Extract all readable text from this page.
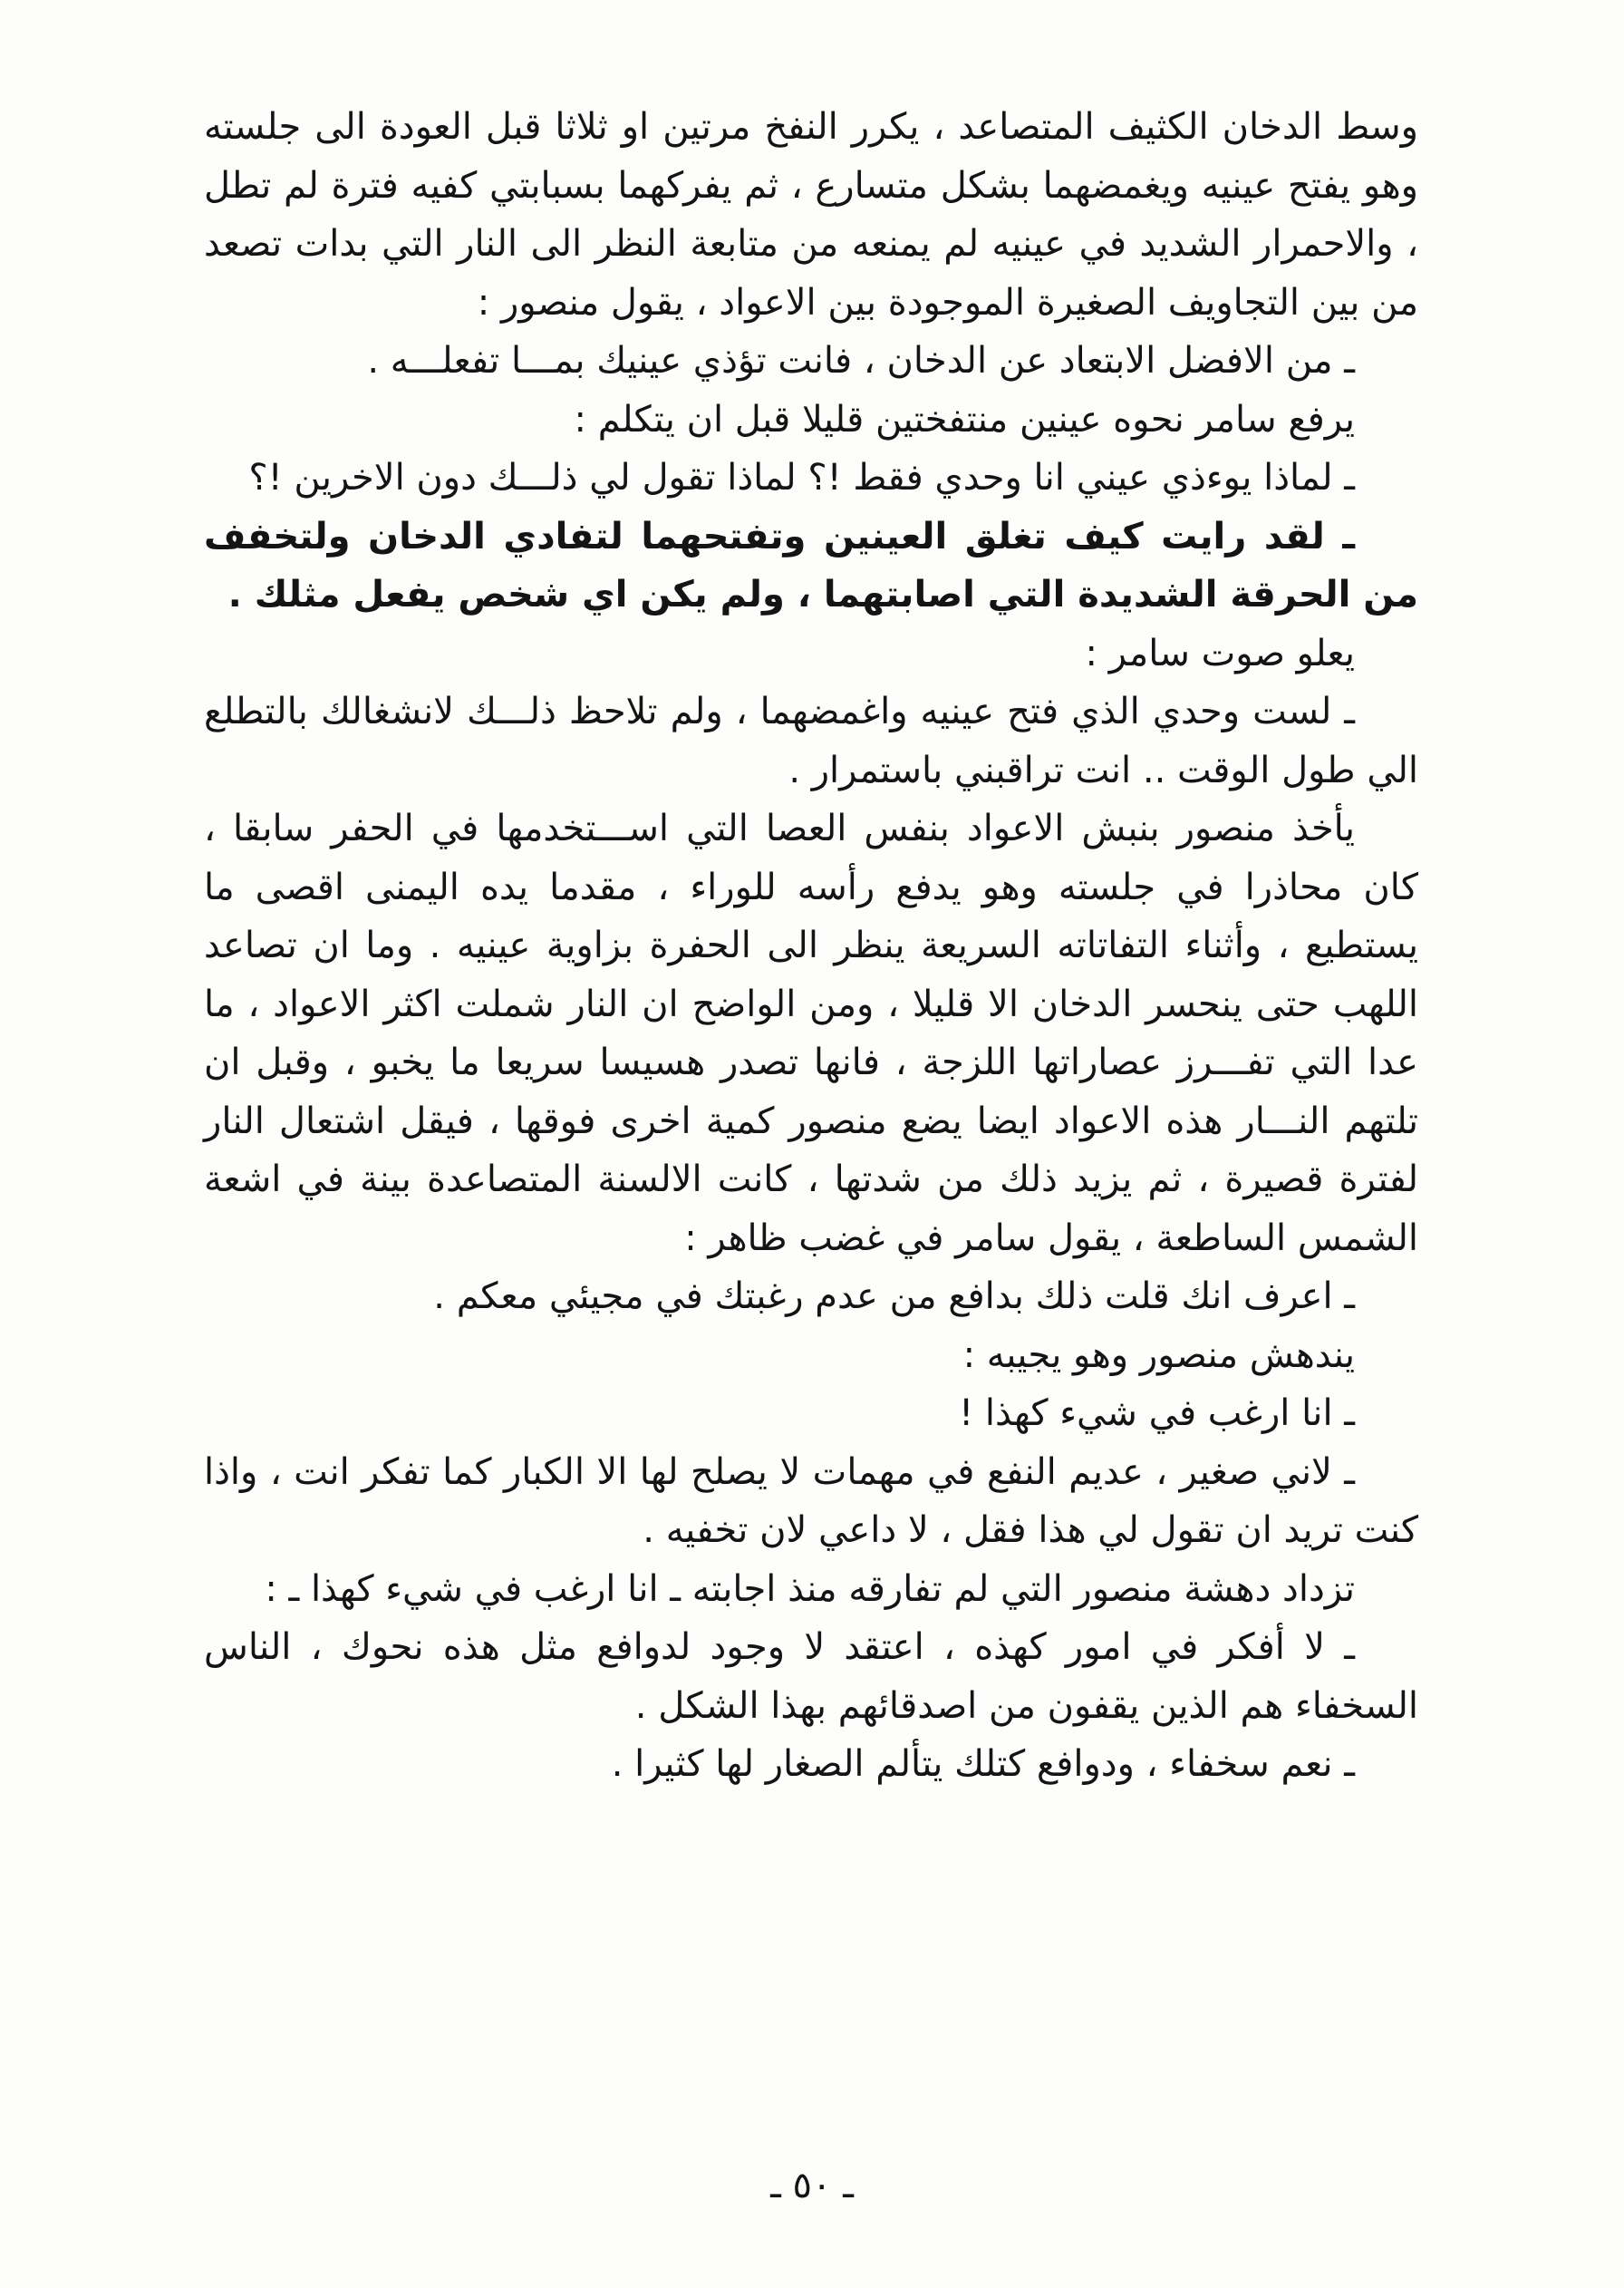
وسط الدخان الكثيف المتصاعد ، يكرر النفخ مرتين او ثلاثا قبل العودة الى جلسته وهو يفتح عينيه ويغمضهما بشكل متسارع ، ثم يفركهما بسبابتي كفيه فترة لم تطل ، والاحمرار الشديد في عينيه لم يمنعه من متابعة النظر الى النار التي بدات تصعد من بين التجاويف الصغيرة الموجودة بين الاعواد ، يقول منصور :

ـ من الافضل الابتعاد عن الدخان ، فانت تؤذي عينيك بمـــا تفعلـــه .

يرفع سامر نحوه عينين منتفختين قليلا قبل ان يتكلم :

ـ لماذا يوءذي عيني انا وحدي فقط !؟ لماذا تقول لي ذلـــك دون الاخرين !؟

ـ لقد رايت كيف تغلق العينين وتفتحهما لتفادي الدخان ولتخفف من الحرقة الشديدة التي اصابتهما ، ولم يكن اي شخص يفعل مثلك .

يعلو صوت سامر :

ـ لست وحدي الذي فتح عينيه واغمضهما ، ولم تلاحظ ذلـــك لانشغالك بالتطلع الي طول الوقت .. انت تراقبني باستمرار .

يأخذ منصور بنبش الاعواد بنفس العصا التي اســـتخدمها في الحفر سابقا ، كان محاذرا في جلسته وهو يدفع رأسه للوراء ، مقدما يده اليمنى اقصى ما يستطيع ، وأثناء التفاتاته السريعة ينظر الى الحفرة بزاوية عينيه . وما ان تصاعد اللهب حتى ينحسر الدخان الا قليلا ، ومن الواضح ان النار شملت اكثر الاعواد ، ما عدا التي تفـــرز عصاراتها اللزجة ، فانها تصدر هسيسا سريعا ما يخبو ، وقبل ان تلتهم النـــار هذه الاعواد ايضا يضع منصور كمية اخرى فوقها ، فيقل اشتعال النار لفترة قصيرة ، ثم يزيد ذلك من شدتها ، كانت الالسنة المتصاعدة بينة في اشعة الشمس الساطعة ، يقول سامر في غضب ظاهر :

ـ اعرف انك قلت ذلك بدافع من عدم رغبتك في مجيئي معكم .

يندهش منصور وهو يجيبه :

ـ انا ارغب في شيء كهذا !

ـ لاني صغير ، عديم النفع في مهمات لا يصلح لها الا الكبار كما تفكر انت ، واذا كنت تريد ان تقول لي هذا فقل ، لا داعي لان تخفيه .

تزداد دهشة منصور التي لم تفارقه منذ اجابته ـ انا ارغب في شيء كهذا ـ :

ـ لا أفكر في امور كهذه ، اعتقد لا وجود لدوافع مثل هذه نحوك ، الناس السخفاء هم الذين يقفون من اصدقائهم بهذا الشكل .

ـ نعم سخفاء ، ودوافع كتلك يتألم الصغار لها كثيرا .

ـ ٥٠ ـ
